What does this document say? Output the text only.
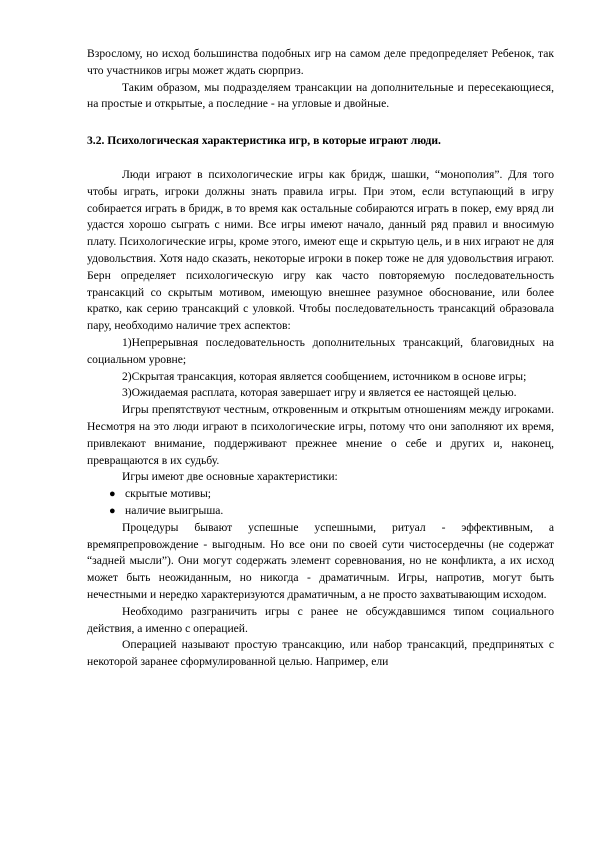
Взрослому, но исход большинства подобных игр на самом деле предопределяет Ребенок, так что участников игры может ждать сюрприз.

Таким образом, мы подразделяем трансакции на дополнительные и пересекающиеся, на простые и открытые, а последние - на угловые и двойные.

3.2. Психологическая характеристика игр, в которые играют люди.

Люди играют в психологические игры как бридж, шашки, “монополия”. Для того чтобы играть, игроки должны знать правила игры. При этом, если вступающий в игру собирается играть в бридж, в то время как остальные собираются играть в покер, ему вряд ли удастся хорошо сыграть с ними. Все игры имеют начало, данный ряд правил и вносимую плату. Психологические игры, кроме этого, имеют еще и скрытую цель, и в них играют не для удовольствия. Хотя надо сказать, некоторые игроки в покер тоже не для удовольствия играют. Берн определяет психологическую игру как часто повторяемую последовательность трансакций со скрытым мотивом, имеющую внешнее разумное обоснование, или более кратко, как серию трансакций с уловкой. Чтобы последовательность трансакций образовала пару, необходимо наличие трех аспектов:

1)Непрерывная последовательность дополнительных трансакций, благовидных на социальном уровне;

2)Скрытая трансакция, которая является сообщением, источником в основе игры;

3)Ожидаемая расплата, которая завершает игру и является ее настоящей целью.

Игры препятствуют честным, откровенным и открытым отношениям между игроками. Несмотря на это люди играют в психологические игры, потому что они заполняют их время, привлекают внимание, поддерживают прежнее мнение о себе и других и, наконец, превращаются в их судьбу.

Игры имеют две основные характеристики:

● скрытые мотивы;
● наличие выигрыша.

Процедуры бывают успешные успешными, ритуал - эффективным, а времяпрепровождение - выгодным. Но все они по своей сути чистосердечны (не содержат “задней мысли”). Они могут содержать элемент соревнования, но не конфликта, а их исход может быть неожиданным, но никогда - драматичным. Игры, напротив, могут быть нечестными и нередко характеризуются драматичным, а не просто захватывающим исходом.

Необходимо разграничить игры с ранее не обсуждавшимся типом социального действия, а именно с операцией.

Операцией называют простую трансакцию, или набор трансакций, предпринятых с некоторой заранее сформулированной целью. Например, ели
